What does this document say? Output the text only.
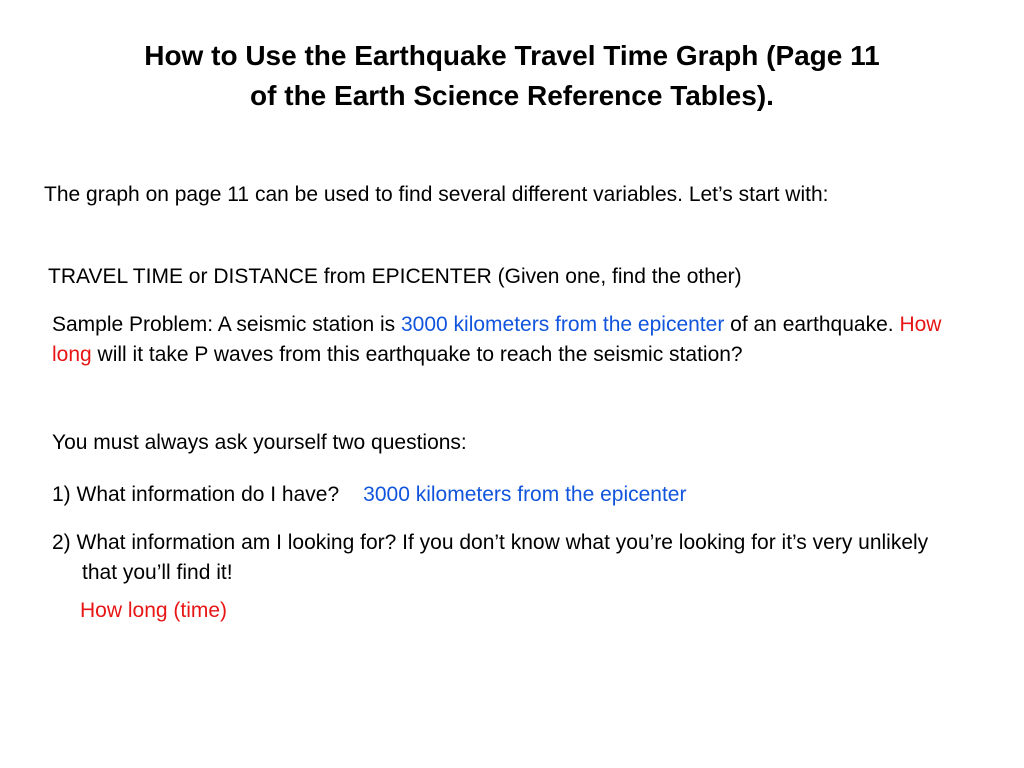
How to Use the Earthquake Travel Time Graph (Page 11
of the Earth Science Reference Tables).
The graph on page 11 can be used to find several different variables. Let’s start with:
TRAVEL TIME or DISTANCE from EPICENTER (Given one, find the other)
Sample Problem: A seismic station is 3000 kilometers from the epicenter of an earthquake. How long will it take P waves from this earthquake to reach the seismic station?
You must always ask yourself two questions:
1) What information do I have? 3000 kilometers from the epicenter
2) What information am I looking for? If you don’t know what you’re looking for it’s very unlikely that you’ll find it!
How long (time)
